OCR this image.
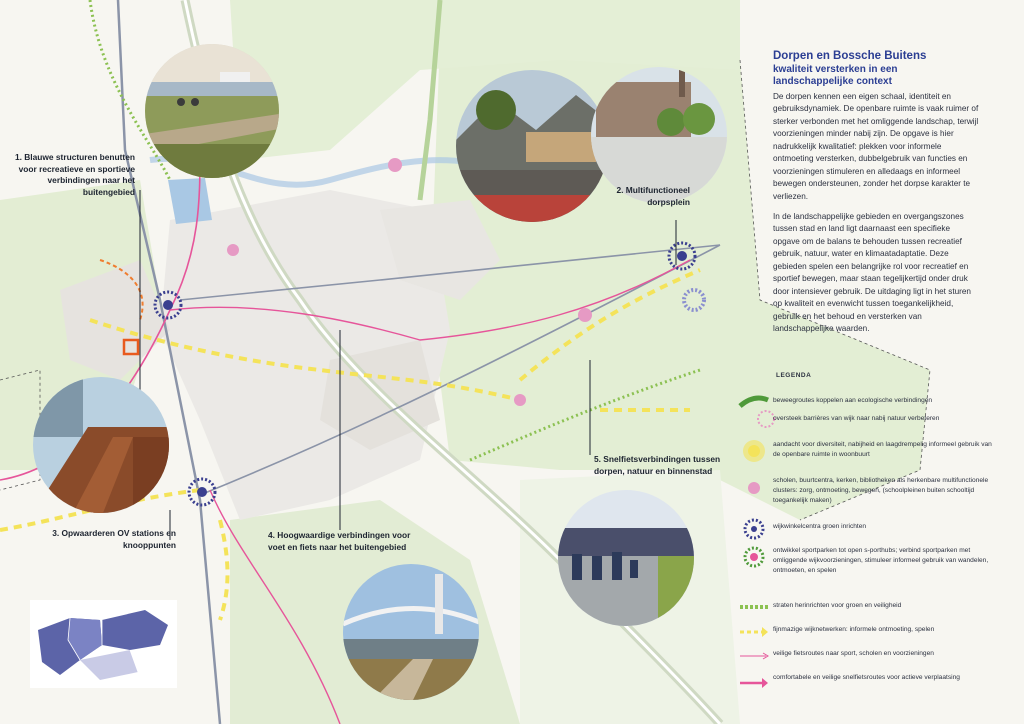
1. Blauwe structuren benutten voor recreatieve en sportieve verbindingen naar het buitengebied	2. Multifunctioneel dorpsplein
3. Opwaarderen OV stations en knooppunten
4. Hoogwaardige verbindingen voor voet en fiets naar het buitengebied
5. Snelfietsverbindingen tussen dorpen, natuur en binnenstad
Dorpen en Bossche Buitens
kwaliteit versterken in een landschappelijke context

De dorpen kennen een eigen schaal, identiteit en gebruiksdynamiek. De openbare ruimte is vaak ruimer of sterker verbonden met het omliggende landschap, terwijl voorzieningen minder nabij zijn. De opgave is hier nadrukkelijk kwalitatief: plekken voor informele ontmoeting versterken, dubbelgebruik van functies en voorzieningen stimuleren en alledaags en informeel bewegen ondersteunen, zonder het dorpse karakter te verliezen.

In de landschappelijke gebieden en overgangszones tussen stad en land ligt daarnaast een specifieke opgave om de balans te behouden tussen recreatief gebruik, natuur, water en klimaatadaptatie. Deze gebieden spelen een belangrijke rol voor recreatief en sportief bewegen, maar staan tegelijkertijd onder druk door intensiever gebruik. De uitdaging ligt in het sturen op kwaliteit en evenwicht tussen toegankelijkheid, gebruik en het behoud en versterken van landschappelijke waarden.

LEGENDA
beweegroutes koppelen aan ecologische verbindingen
oversteek barrières van wijk naar nabij natuur verbeteren
aandacht voor diversiteit, nabijheid en laagdrempelig informeel gebruik van de openbare ruimte in woonbuurt
scholen, buurtcentra, kerken, bibliotheken als herkenbare multifunctionele clusters: zorg, ontmoeting, bewegen, (schoolpleinen buiten schooltijd toegankelijk maken)
wijkwinkelcentra groen inrichten
ontwikkel sportparken tot open s-porthubs; verbind sportparken met omliggende wijkvoorzieningen, stimuleer informeel gebruik van wandelen, ontmoeten, en spelen
straten herinrichten voor groen en veiligheid
fijnmazige wijknetwerken: informele ontmoeting, spelen
veilige fietsroutes naar sport, scholen en voorzieningen
comfortabele en veilige snelfietsroutes voor actieve verplaatsing
